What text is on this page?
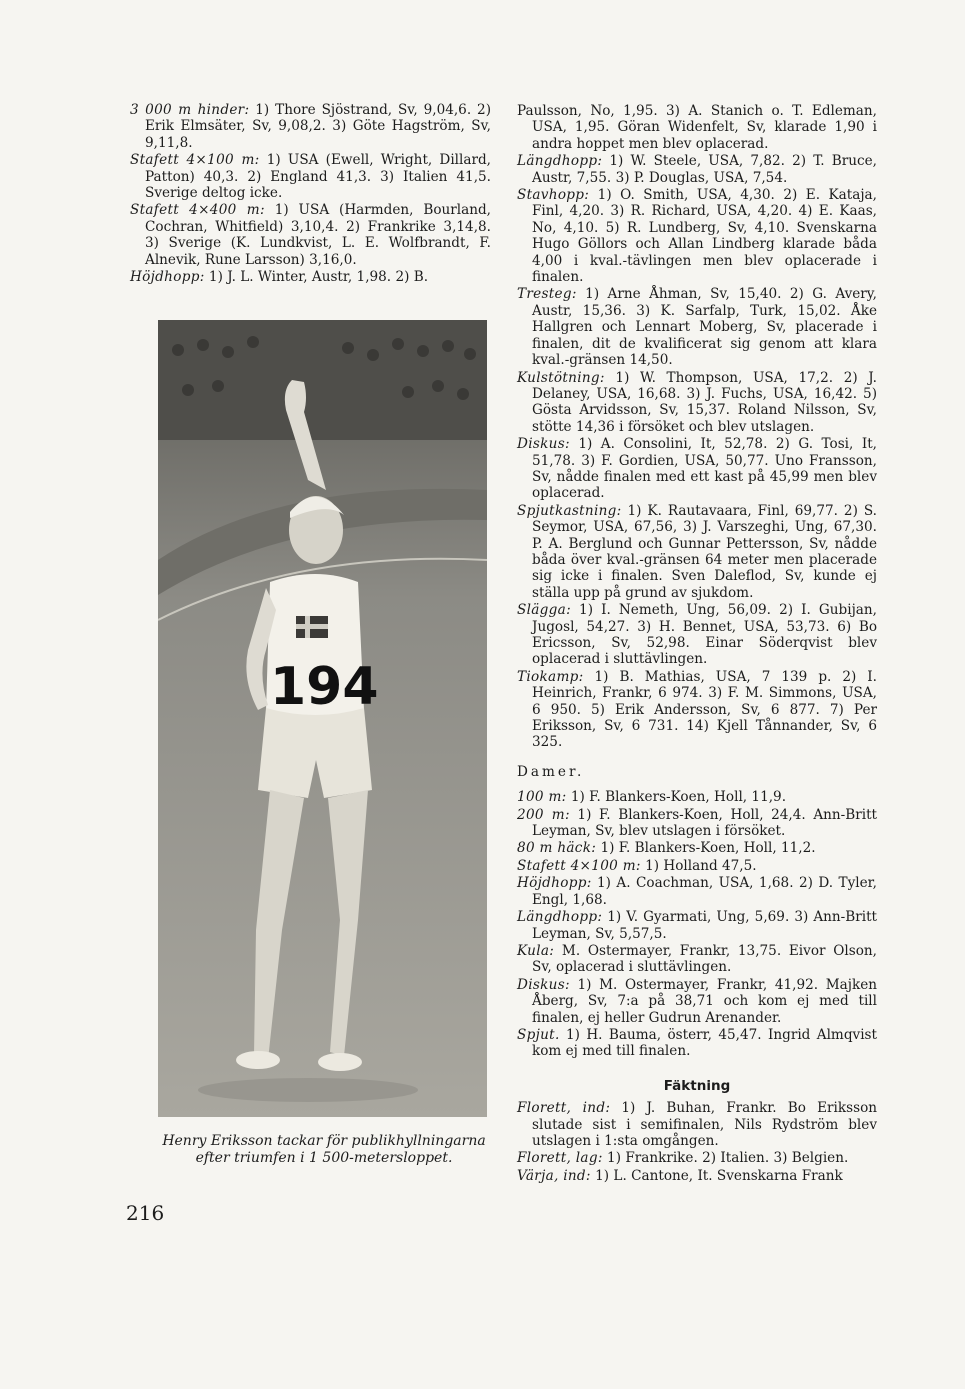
3 000 m hinder: 1) Thore Sjöstrand, Sv, 9,04,6. 2) Erik Elmsäter, Sv, 9,08,2. 3) Göte Hagström, Sv, 9,11,8.

Stafett 4×100 m: 1) USA (Ewell, Wright, Dillard, Patton) 40,3. 2) England 41,3. 3) Italien 41,5. Sverige deltog icke.

Stafett 4×400 m: 1) USA (Harmden, Bourland, Cochran, Whitfield) 3,10,4. 2) Frankrike 3,14,8. 3) Sverige (K. Lundkvist, L. E. Wolfbrandt, F. Alnevik, Rune Larsson) 3,16,0.

Höjdhopp: 1) J. L. Winter, Austr, 1,98. 2) B.

194
Henry Eriksson tackar för publikhyllningarna efter triumfen i 1 500-metersloppet.
216

Paulsson, No, 1,95. 3) A. Stanich o. T. Edleman, USA, 1,95. Göran Widenfelt, Sv, klarade 1,90 i andra hoppet men blev oplacerad.

Längdhopp: 1) W. Steele, USA, 7,82. 2) T. Bruce, Austr, 7,55. 3) P. Douglas, USA, 7,54.

Stavhopp: 1) O. Smith, USA, 4,30. 2) E. Kataja, Finl, 4,20. 3) R. Richard, USA, 4,20. 4) E. Kaas, No, 4,10. 5) R. Lundberg, Sv, 4,10. Svenskarna Hugo Göllors och Allan Lindberg klarade båda 4,00 i kval.-tävlingen men blev oplacerade i finalen.

Tresteg: 1) Arne Åhman, Sv, 15,40. 2) G. Avery, Austr, 15,36. 3) K. Sarfalp, Turk, 15,02. Åke Hallgren och Lennart Moberg, Sv, placerade i finalen, dit de kvalificerat sig genom att klara kval.-gränsen 14,50.

Kulstötning: 1) W. Thompson, USA, 17,2. 2) J. Delaney, USA, 16,68. 3) J. Fuchs, USA, 16,42. 5) Gösta Arvidsson, Sv, 15,37. Roland Nilsson, Sv, stötte 14,36 i försöket och blev utslagen.

Diskus: 1) A. Consolini, It, 52,78. 2) G. Tosi, It, 51,78. 3) F. Gordien, USA, 50,77. Uno Fransson, Sv, nådde finalen med ett kast på 45,99 men blev oplacerad.

Spjutkastning: 1) K. Rautavaara, Finl, 69,77. 2) S. Seymor, USA, 67,56, 3) J. Varszeghi, Ung, 67,30. P. A. Berglund och Gunnar Pettersson, Sv, nådde båda över kval.-gränsen 64 meter men placerade sig icke i finalen. Sven Daleflod, Sv, kunde ej ställa upp på grund av sjukdom.

Slägga: 1) I. Nemeth, Ung, 56,09. 2) I. Gubijan, Jugosl, 54,27. 3) H. Bennet, USA, 53,73. 6) Bo Ericsson, Sv, 52,98. Einar Söderqvist blev oplacerad i sluttävlingen.

Tiokamp: 1) B. Mathias, USA, 7 139 p. 2) I. Heinrich, Frankr, 6 974. 3) F. M. Simmons, USA, 6 950. 5) Erik Andersson, Sv, 6 877. 7) Per Eriksson, Sv, 6 731. 14) Kjell Tånnander, Sv, 6 325.

Damer.

100 m: 1) F. Blankers-Koen, Holl, 11,9.

200 m: 1) F. Blankers-Koen, Holl, 24,4. Ann-Britt Leyman, Sv, blev utslagen i försöket.

80 m häck: 1) F. Blankers-Koen, Holl, 11,2.

Stafett 4×100 m: 1) Holland 47,5.

Höjdhopp: 1) A. Coachman, USA, 1,68. 2) D. Tyler, Engl, 1,68.

Längdhopp: 1) V. Gyarmati, Ung, 5,69. 3) Ann-Britt Leyman, Sv, 5,57,5.

Kula: M. Ostermayer, Frankr, 13,75. Eivor Olson, Sv, oplacerad i sluttävlingen.

Diskus: 1) M. Ostermayer, Frankr, 41,92. Majken Åberg, Sv, 7:a på 38,71 och kom ej med till finalen, ej heller Gudrun Arenander.

Spjut. 1) H. Bauma, österr, 45,47. Ingrid Almqvist kom ej med till finalen.

Fäktning

Florett, ind: 1) J. Buhan, Frankr. Bo Eriksson slutade sist i semifinalen, Nils Rydström blev utslagen i 1:sta omgången.

Florett, lag: 1) Frankrike. 2) Italien. 3) Belgien.

Värja, ind: 1) L. Cantone, It. Svenskarna Frank
